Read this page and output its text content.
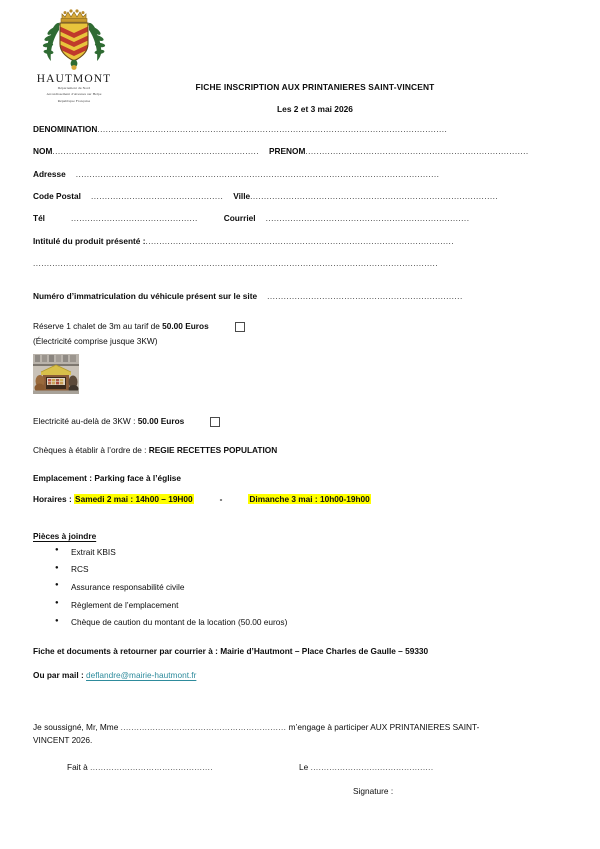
HAUTMONT
Département du Nord
Arrondissement d'Avesnes sur Helpe
République Française
FICHE INSCRIPTION AUX PRINTANIERES SAINT-VINCENT
Les 2 et 3 mai 2026
DENOMINATION...............................................................................................................................
NOM........................................................................... PRENOM.................................................................................
Adresse ....................................................................................................................................
Code Postal ................................................ Ville..........................................................................................
Tél	..............................................	Courriel ..........................................................................
Intitulé du produit présenté :................................................................................................................
...................................................................................................................................................
Numéro d’immatriculation du véhicule présent sur le site .......................................................................
Réserve 1 chalet de 3m au tarif de 50.00 Euros
(Électricité comprise jusque 3KW)
Electricité au-delà de 3KW : 50.00 Euros
Chèques à établir à l’ordre de : REGIE RECETTES POPULATION
Emplacement : Parking face à l’église
Horaires : Samedi 2 mai : 14h00 – 19H00	-	Dimanche 3 mai : 10h00-19h00
Pièces à joindre
● Extrait KBIS
● RCS
● Assurance responsabilité civile
● Règlement de l’emplacement
● Chèque de caution du montant de la location (50.00 euros)
Fiche et documents à retourner par courrier à : Mairie d’Hautmont – Place Charles de Gaulle – 59330
Ou par mail : deflandre@mairie-hautmont.fr
Je soussigné, Mr, Mme .............................................................. m’engage à participer AUX PRINTANIERES SAINT-
VINCENT 2026.
Fait à ..............................................	Le ..............................................
Signature :
